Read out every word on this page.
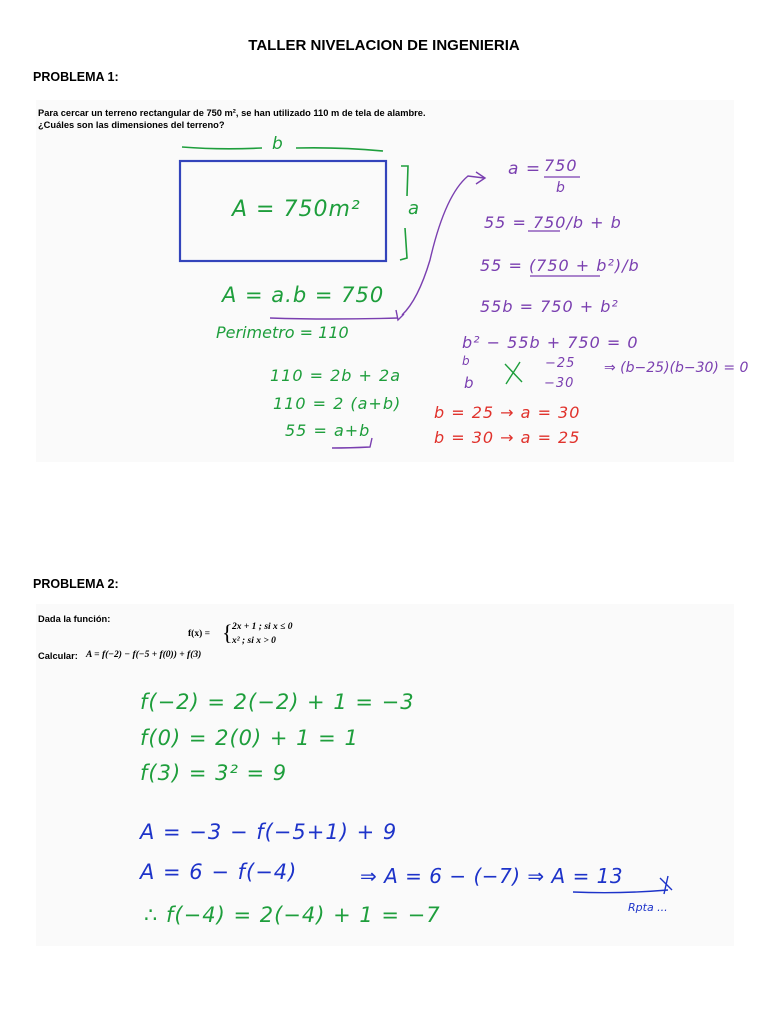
TALLER NIVELACION DE INGENIERIA
PROBLEMA 1:
Para cercar un terreno rectangular de 750 m², se han utilizado 110 m de tela de alambre.
¿Cuáles son las dimensiones del terreno?
b
a
A = 750m²
A = a.b = 750
Perimetro = 110
110 = 2b + 2a
110 = 2 (a+b)
55 = a+b
a = 750
b
55 = 750/b + b
55 = (750 + b²)/b
55b = 750 + b²
b² − 55b + 750 = 0
b
b
−25
−30
⇒ (b−25)(b−30) = 0
b = 25 → a = 30
b = 30 → a = 25
PROBLEMA 2:
Dada la función:
f(x) = { 2x + 1 ; si x ≤ 0
x² ; si x > 0
Calcular: A = f(−2) − f(−5 + f(0)) + f(3)
f(−2) = 2(−2) + 1 = −3
f(0) = 2(0) + 1 = 1
f(3) = 3² = 9
A = −3 − f(−5+1) + 9
A = 6 − f(−4)	⇒ A = 6 − (−7) ⇒ A = 13
∴ f(−4) = 2(−4) + 1 = −7	Rpta ...
